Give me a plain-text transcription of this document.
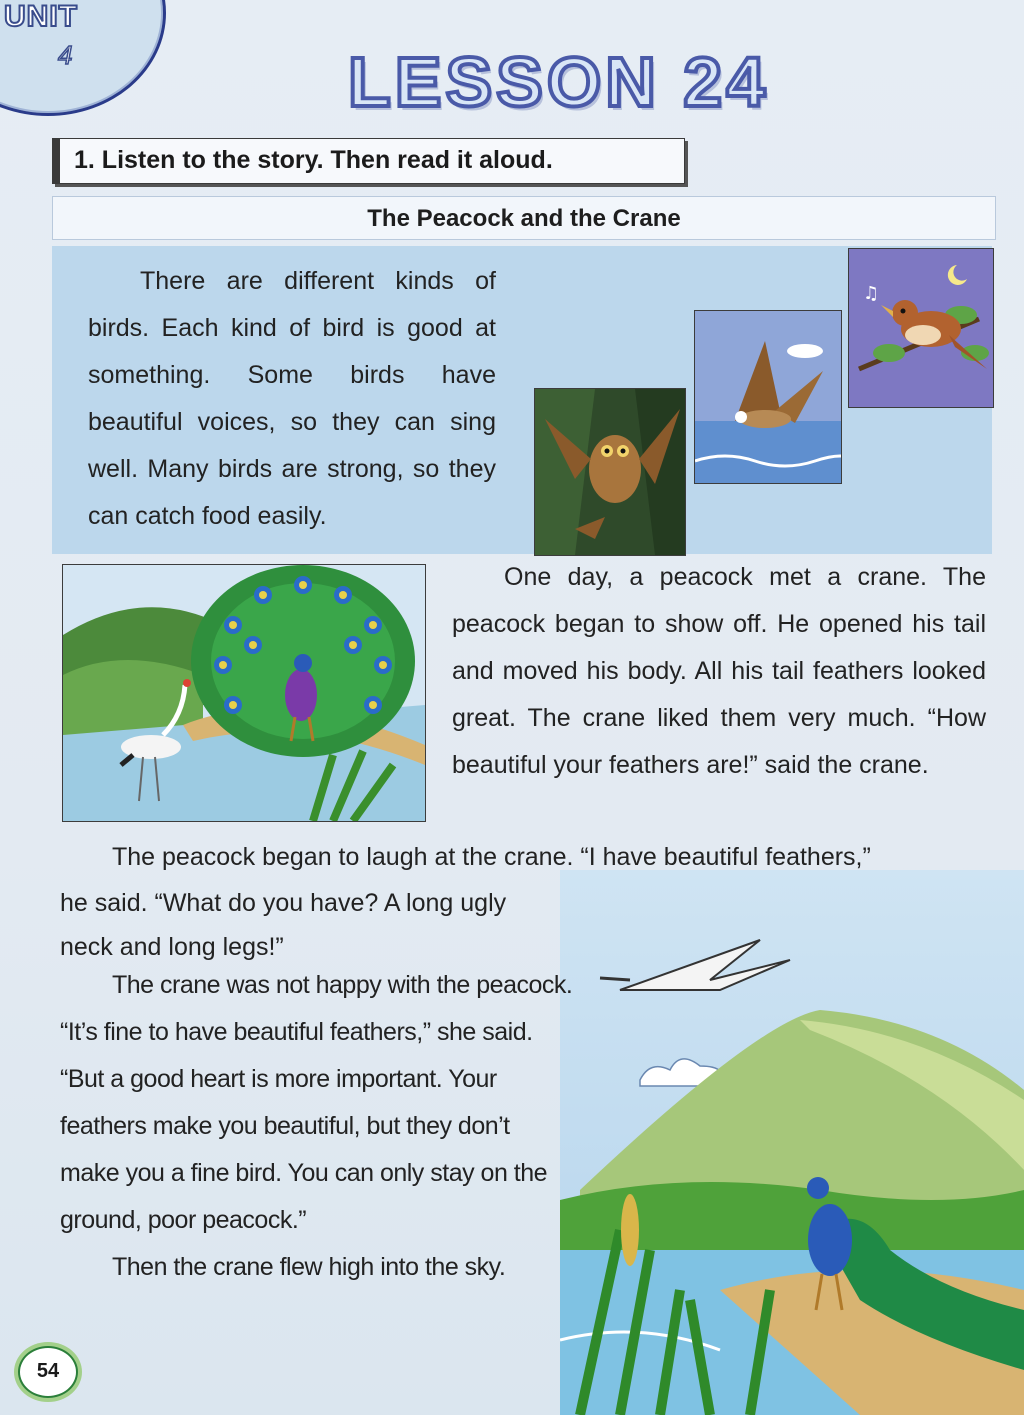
UNIT
4	LESSON 24
1. Listen to the story. Then read it aloud.
The Peacock and the Crane
There are different kinds of birds. Each kind of bird is good at something. Some birds have beautiful voices, so they can sing well. Many birds are strong, so they can catch food easily.
♫
One day, a peacock met a crane. The peacock began to show off. He opened his tail and moved his body. All his tail feathers looked great. The crane liked them very much. “How beautiful your feathers are!” said the crane.
The peacock began to laugh at the crane. “I have beautiful feathers,”
he said. “What do you have? A long ugly
neck and long legs!”
The crane was not happy with the peacock.
“It’s fine to have beautiful feathers,” she said.
“But a good heart is more important. Your
feathers make you beautiful, but they don’t
make you a fine bird. You can only stay on the
ground, poor peacock.”
Then the crane flew high into the sky.
54
